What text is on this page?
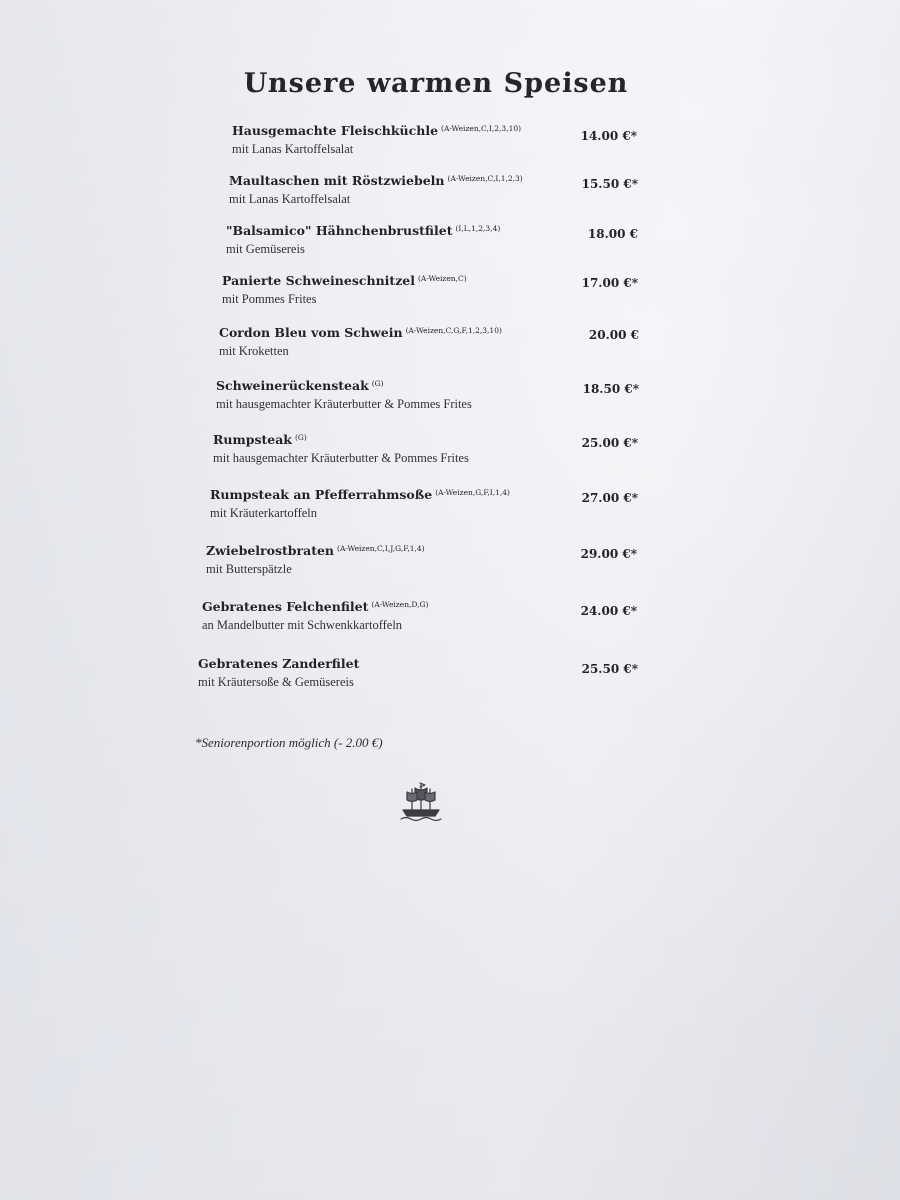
Unsere warmen Speisen
Hausgemachte Fleischküchle $^{(A-Weizen,C,I,2,3,10)}$
mit Lanas Kartoffelsalat
14.00 €*
Maultaschen mit Röstzwiebeln $^{(A-Weizen,C,I,1,2,3)}$
mit Lanas Kartoffelsalat
15.50 €*
"Balsamico" Hähnchenbrustfilet $^{(I,L,1,2,3,4)}$
mit Gemüsereis
18.00 €
Panierte Schweineschnitzel $^{(A-Weizen,C)}$
mit Pommes Frites
17.00 €*
Cordon Bleu vom Schwein $^{(A-Weizen,C,G,F,1,2,3,10)}$
mit Kroketten
20.00 €
Schweinerückensteak $^{(G)}$
mit hausgemachter Kräuterbutter & Pommes Frites
18.50 €*
Rumpsteak $^{(G)}$
mit hausgemachter Kräuterbutter & Pommes Frites
25.00 €*
Rumpsteak an Pfefferrahmsoße $^{(A-Weizen,G,F,I,1,4)}$
mit Kräuterkartoffeln
27.00 €*
Zwiebelrostbraten $^{(A-Weizen,C,I,J,G,F,1,4)}$
mit Butterspätzle
29.00 €*
Gebratenes Felchenfilet $^{(A-Weizen,D,G)}$
an Mandelbutter mit Schwenkkartoffeln
24.00 €*
Gebratenes Zanderfilet
mit Kräutersoße & Gemüsereis
25.50 €*
*Seniorenportion möglich (- 2.00 €)
